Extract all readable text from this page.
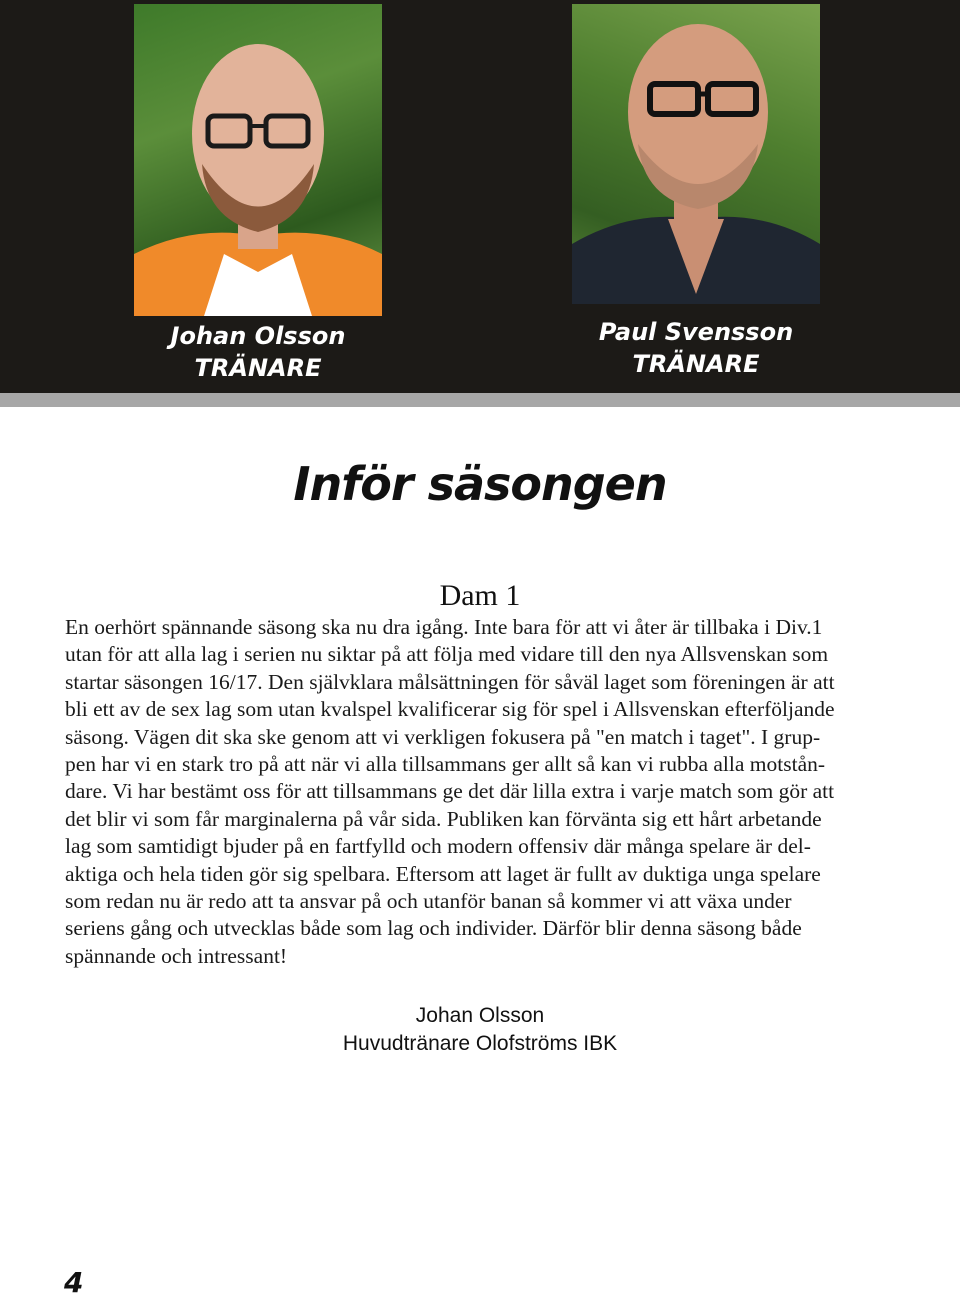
Johan Olsson
TRÄNARE
Paul Svensson
TRÄNARE
Inför säsongen
Dam 1
En oerhört spännande säsong ska nu dra igång. Inte bara för att vi åter är tillbaka i Div.1
utan för att alla lag i serien nu siktar på att följa med vidare till den nya Allsvenskan som
startar säsongen 16/17. Den självklara målsättningen för såväl laget som föreningen är att
bli ett av de sex lag som utan kvalspel kvalificerar sig för spel i Allsvenskan efterföljande
säsong. Vägen dit ska ske genom att vi verkligen fokusera på "en match i taget". I grup-
pen har vi en stark tro på att när vi alla tillsammans ger allt så kan vi rubba alla motstån-
dare. Vi har bestämt oss för att tillsammans ge det där lilla extra i varje match som gör att
det blir vi som får marginalerna på vår sida. Publiken kan förvänta sig ett hårt arbetande
lag som samtidigt bjuder på en fartfylld och modern offensiv där många spelare är del-
aktiga och hela tiden gör sig spelbara. Eftersom att laget är fullt av duktiga unga spelare
som redan nu är redo att ta ansvar på och utanför banan så kommer vi att växa under
seriens gång och utvecklas både som lag och individer. Därför blir denna säsong både
spännande och intressant!
Johan Olsson
Huvudtränare Olofströms IBK
4
